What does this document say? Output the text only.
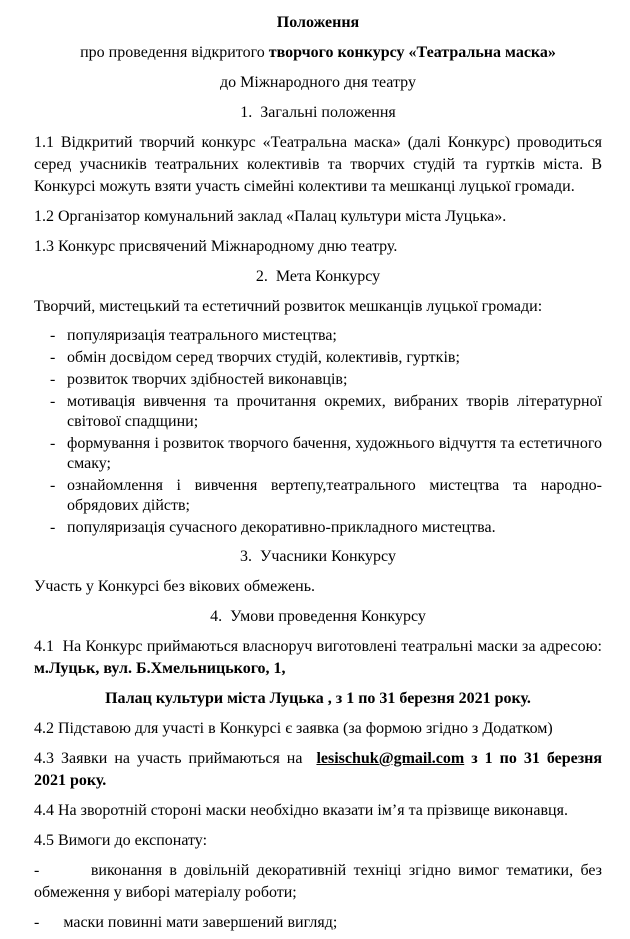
Положення

про проведення відкритого творчого конкурсу «Театральна маска»

до Міжнародного дня театру

1.  Загальні положення

1.1 Відкритий творчий конкурс «Театральна маска» (далі Конкурс) проводиться серед учасників театральних колективів та творчих студій та гуртків міста. В Конкурсі можуть взяти участь сімейні колективи та мешканці луцької громади.

1.2 Організатор комунальний заклад «Палац культури міста Луцька».

1.3 Конкурс присвячений Міжнародному дню театру.

2.  Мета Конкурсу

Творчий, мистецький та естетичний розвиток мешканців луцької громади:

- популяризація театрального мистецтва;
- обмін досвідом серед творчих студій, колективів, гуртків;
- розвиток творчих здібностей виконавців;
- мотивація вивчення та прочитання окремих, вибраних творів літературної світової спадщини;
- формування і розвиток творчого бачення, художнього відчуття та естетичного смаку;
- ознайомлення і вивчення вертепу,театрального мистецтва та народно-обрядових дійств;
- популяризація сучасного декоративно-прикладного мистецтва.

3.  Учасники Конкурсу

Участь у Конкурсі без вікових обмежень.

4.  Умови проведення Конкурсу

4.1  На Конкурс приймаються власноруч виготовлені театральні маски за адресою:  м.Луцьк, вул. Б.Хмельницького, 1,

Палац культури міста Луцька , з 1 по 31 березня 2021 року.

4.2 Підставою для участі в Конкурсі є заявка (за формою згідно з Додатком)

4.3 Заявки на участь приймаються на  lesischuk@gmail.com з 1 по 31 березня 2021 року.

4.4 На зворотній стороні маски необхідно вказати ім’я та прізвище виконавця.

4.5 Вимоги до експонату:

-       виконання в довільній декоративній техніці згідно вимог тематики, без обмеження у виборі матеріалу роботи;

-      маски повинні мати завершений вигляд;
